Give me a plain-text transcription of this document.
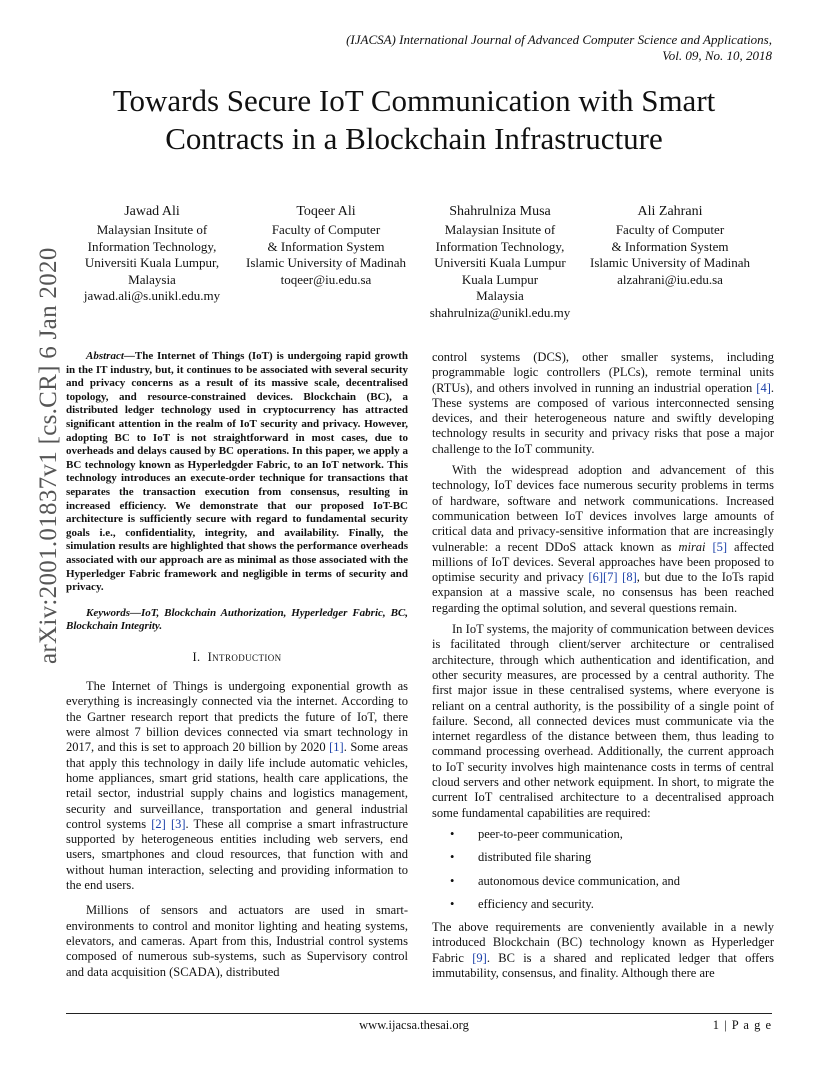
(IJACSA) International Journal of Advanced Computer Science and Applications,
Vol. 09, No. 10, 2018
Towards Secure IoT Communication with Smart
Contracts in a Blockchain Infrastructure
Jawad Ali
Malaysian Insitute of
Information Technology,
Universiti Kuala Lumpur,
Malaysia
jawad.ali@s.unikl.edu.my
Toqeer Ali
Faculty of Computer
& Information System
Islamic University of Madinah
toqeer@iu.edu.sa
Shahrulniza Musa
Malaysian Insitute of
Information Technology,
Universiti Kuala Lumpur
Kuala Lumpur
Malaysia
shahrulniza@unikl.edu.my
Ali Zahrani
Faculty of Computer
& Information System
Islamic University of Madinah
alzahrani@iu.edu.sa
arXiv:2001.01837v1 [cs.CR] 6 Jan 2020	Abstract—The Internet of Things (IoT) is undergoing rapid growth in the IT industry, but, it continues to be associated with several security and privacy concerns as a result of its massive scale, decentralised topology, and resource-constrained devices. Blockchain (BC), a distributed ledger technology used in cryptocurrency has attracted significant attention in the realm of IoT security and privacy. However, adopting BC to IoT is not straightforward in most cases, due to overheads and delays caused by BC operations. In this paper, we apply a BC technology known as Hyperledgder Fabric, to an IoT network. This technology introduces an execute-order technique for transactions that separates the transaction execution from consensus, resulting in increased efficiency. We demonstrate that our proposed IoT-BC architecture is sufficiently secure with regard to fundamental security goals i.e., confidentiality, integrity, and availability. Finally, the simulation results are highlighted that shows the performance overheads associated with our approach are as minimal as those associated with the Hyperledger Fabric framework and negligible in terms of security and privacy.

Keywords—IoT, Blockchain Authorization, Hyperledger Fabric, BC, Blockchain Integrity.

I. Introduction

The Internet of Things is undergoing exponential growth as everything is increasingly connected via the internet. According to the Gartner research report that predicts the future of IoT, there were almost 7 billion devices connected via smart technology in 2017, and this is set to approach 20 billion by 2020 [1]. Some areas that apply this technology in daily life include automatic vehicles, home appliances, smart grid stations, health care applications, the retail sector, industrial supply chains and logistics management, security and surveillance, transportation and general industrial control systems [2] [3]. These all comprise a smart infrastructure supported by heterogeneous entities including web servers, end users, smartphones and cloud resources, that function with and without human interaction, selecting and providing information to the end users.

Millions of sensors and actuators are used in smart-environments to control and monitor lighting and heating systems, elevators, and cameras. Apart from this, Industrial control systems composed of numerous sub-systems, such as Supervisory control and data acquisition (SCADA), distributed

control systems (DCS), other smaller systems, including programmable logic controllers (PLCs), remote terminal units (RTUs), and others involved in running an industrial operation [4]. These systems are composed of various interconnected sensing devices, and their heterogeneous nature and swiftly developing technology results in security and privacy risks that pose a major challenge to the IoT community.

With the widespread adoption and advancement of this technology, IoT devices face numerous security problems in terms of hardware, software and network communications. Increased communication between IoT devices involves large amounts of critical data and privacy-sensitive information that are increasingly vulnerable: a recent DDoS attack known as mirai [5] affected millions of IoT devices. Several approaches have been proposed to optimise security and privacy [6][7] [8], but due to the IoTs rapid expansion at a massive scale, no consensus has been reached regarding the optimal solution, and several questions remain.

In IoT systems, the majority of communication between devices is facilitated through client/server architecture or centralised architecture, through which authentication and identification, and other security measures, are processed by a central authority. The first major issue in these centralised systems, where everyone is reliant on a central authority, is the possibility of a single point of failure. Second, all connected devices must communicate via the internet regardless of the distance between them, thus leading to command processing overhead. Additionally, the current approach to IoT security involves high maintenance costs in terms of central cloud servers and other network equipment. In short, to migrate the current IoT centralised architecture to a decentralised approach some fundamental capabilities are required:

• peer-to-peer communication,
• distributed file sharing
• autonomous device communication, and
• efficiency and security.

The above requirements are conveniently available in a newly introduced Blockchain (BC) technology known as Hyperledger Fabric [9]. BC is a shared and replicated ledger that offers immutability, consensus, and finality. Although there are

www.ijacsa.thesai.org	1 | P a g e
